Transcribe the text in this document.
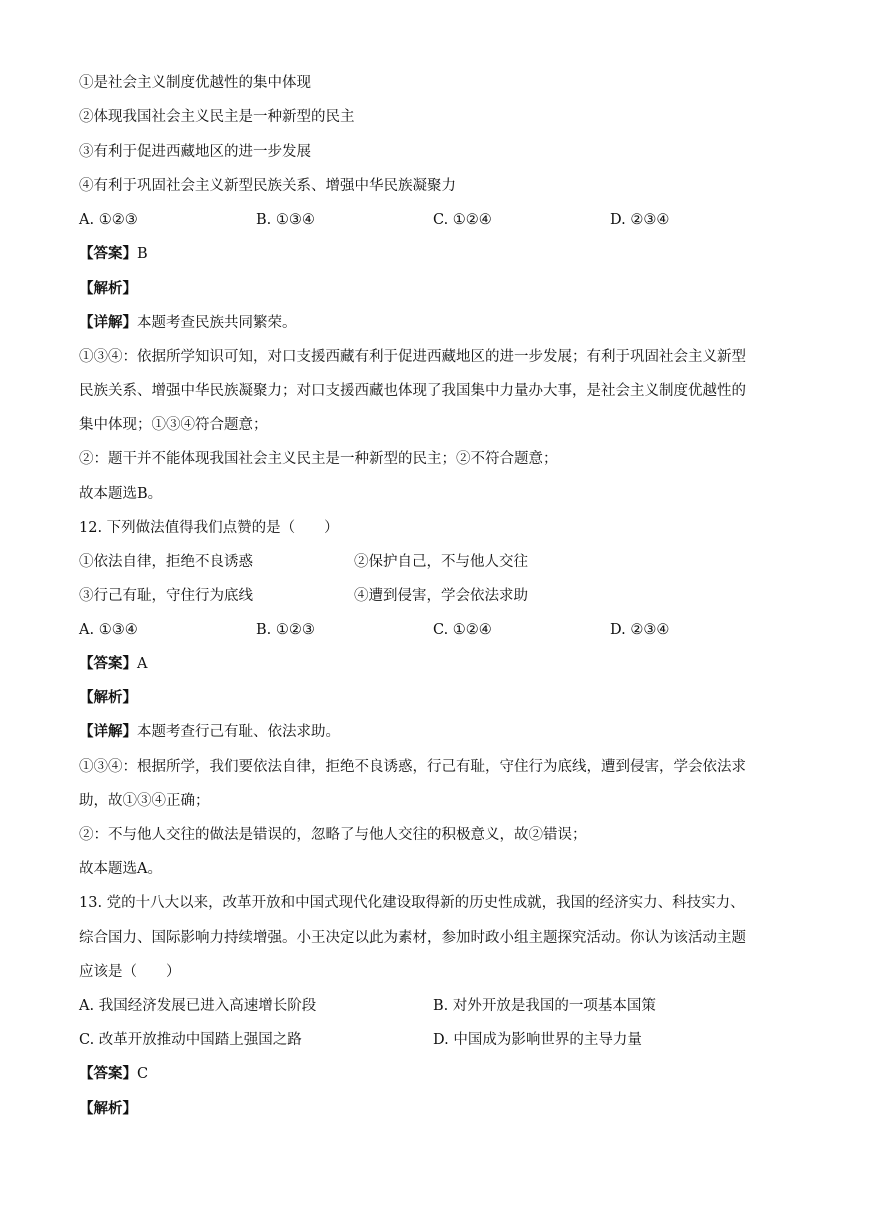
①是社会主义制度优越性的集中体现
②体现我国社会主义民主是一种新型的民主
③有利于促进西藏地区的进一步发展
④有利于巩固社会主义新型民族关系、增强中华民族凝聚力
A. ①②③	B. ①③④	C. ①②④	D. ②③④
【答案】B
【解析】
【详解】本题考查民族共同繁荣。
①③④：依据所学知识可知，对口支援西藏有利于促进西藏地区的进一步发展；有利于巩固社会主义新型
民族关系、增强中华民族凝聚力；对口支援西藏也体现了我国集中力量办大事，是社会主义制度优越性的
集中体现；①③④符合题意；
②：题干并不能体现我国社会主义民主是一种新型的民主；②不符合题意；
故本题选B。
12. 下列做法值得我们点赞的是（　　）
①依法自律，拒绝不良诱惑	②保护自己，不与他人交往
③行己有耻，守住行为底线	④遭到侵害，学会依法求助
A. ①③④	B. ①②③	C. ①②④	D. ②③④
【答案】A
【解析】
【详解】本题考查行己有耻、依法求助。
①③④：根据所学，我们要依法自律，拒绝不良诱惑，行己有耻，守住行为底线，遭到侵害，学会依法求
助，故①③④正确；
②：不与他人交往的做法是错误的，忽略了与他人交往的积极意义，故②错误；
故本题选A。
13. 党的十八大以来，改革开放和中国式现代化建设取得新的历史性成就，我国的经济实力、科技实力、
综合国力、国际影响力持续增强。小王决定以此为素材，参加时政小组主题探究活动。你认为该活动主题
应该是（　　）
A. 我国经济发展已进入高速增长阶段	B. 对外开放是我国的一项基本国策
C. 改革开放推动中国踏上强国之路	D. 中国成为影响世界的主导力量
【答案】C
【解析】
